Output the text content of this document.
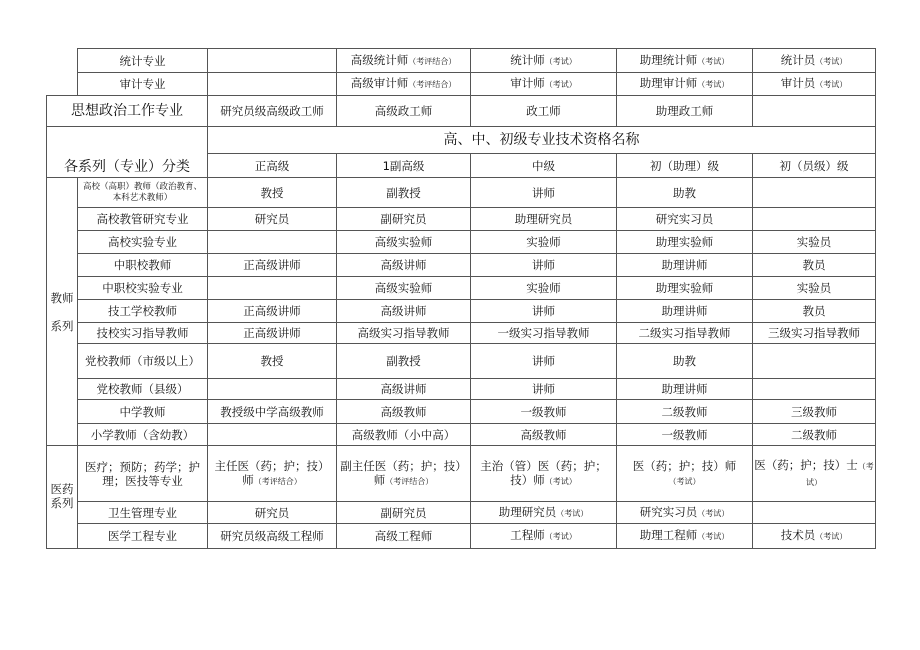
	统计专业		高级统计师（考评结合）	统计师（考试）	助理统计师（考试）	统计员（考试）
	审计专业		高级审计师（考评结合）	审计师（考试）	助理审计师（考试）	审计员（考试）
思想政治工作专业		研究员级高级政工师	高级政工师	政工师	助理政工师	
各系列（专业）分类		高、中、初级专业技术资格名称				
		正高级	1副高级	中级	初（助理）级	初（员级）级
教师

系列	高校（高职）教师（政治教育、本科艺术教师）	教授	副教授	讲师	助教	
	高校教管研究专业	研究员	副研究员	助理研究员	研究实习员	
	高校实验专业		高级实验师	实验师	助理实验师	实验员
	中职校教师	正高级讲师	高级讲师	讲师	助理讲师	教员
	中职校实验专业		高级实验师	实验师	助理实验师	实验员
	技工学校教师	正高级讲师	高级讲师	讲师	助理讲师	教员
	技校实习指导教师	正高级讲师	高级实习指导教师	一级实习指导教师	二级实习指导教师	三级实习指导教师
	党校教师（市级以上）	教授	副教授	讲师	助教	
	党校教师（县级）		高级讲师	讲师	助理讲师	
	中学教师	教授级中学高级教师	高级教师	一级教师	二级教师	三级教师
	小学教师（含幼教）		高级教师（小中高）	高级教师	一级教师	二级教师
医药
系列	医疗；预防；药学；护理；医技等专业	主任医（药；护；技）师（考评结合）	副主任医（药；护；技）师（考评结合）	主治（管）医（药；护；技）师（考试）	医（药；护；技）师（考试）	医（药；护；技）士（考试）
	卫生管理专业	研究员	副研究员	助理研究员（考试）	研究实习员（考试）	
	医学工程专业	研究员级高级工程师	高级工程师	工程师（考试）	助理工程师（考试）	技术员（考试）
